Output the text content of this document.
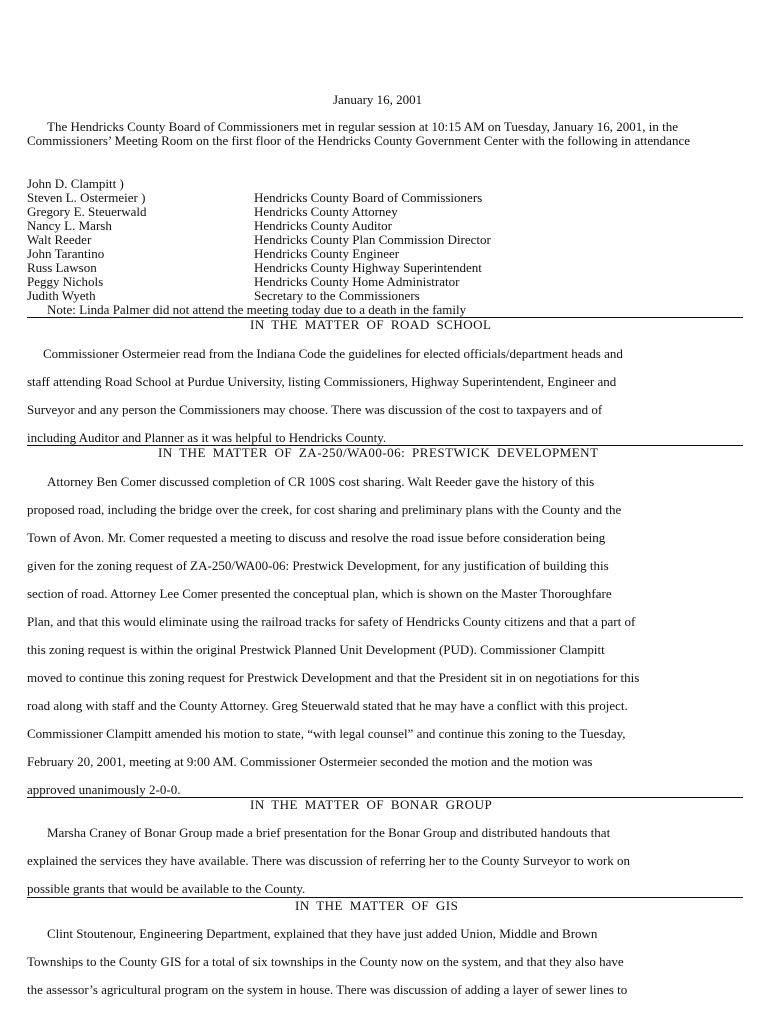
January 16, 2001
The Hendricks County Board of Commissioners met in regular session at 10:15 AM on Tuesday, January 16, 2001, in the Commissioners’ Meeting Room on the first floor of the Hendricks County Government Center with the following in attendance
John D. Clampitt )
Steven L. Ostermeier )	Hendricks County Board of Commissioners
Gregory E. Steuerwald	Hendricks County Attorney
Nancy L. Marsh	Hendricks County Auditor
Walt Reeder	Hendricks County Plan Commission Director
John Tarantino	Hendricks County Engineer
Russ Lawson	Hendricks County Highway Superintendent
Peggy Nichols	Hendricks County Home Administrator
Judith Wyeth	Secretary to the Commissioners
Note: Linda Palmer did not attend the meeting today due to a death in the family
IN THE MATTER OF ROAD SCHOOL
Commissioner Ostermeier read from the Indiana Code the guidelines for elected officials/department heads and
staff attending Road School at Purdue University, listing Commissioners, Highway Superintendent, Engineer and
Surveyor and any person the Commissioners may choose. There was discussion of the cost to taxpayers and of
including Auditor and Planner as it was helpful to Hendricks County.
IN THE MATTER OF ZA-250/WA00-06: PRESTWICK DEVELOPMENT
Attorney Ben Comer discussed completion of CR 100S cost sharing. Walt Reeder gave the history of this
proposed road, including the bridge over the creek, for cost sharing and preliminary plans with the County and the
Town of Avon. Mr. Comer requested a meeting to discuss and resolve the road issue before consideration being
given for the zoning request of ZA-250/WA00-06: Prestwick Development, for any justification of building this
section of road. Attorney Lee Comer presented the conceptual plan, which is shown on the Master Thoroughfare
Plan, and that this would eliminate using the railroad tracks for safety of Hendricks County citizens and that a part of
this zoning request is within the original Prestwick Planned Unit Development (PUD). Commissioner Clampitt
moved to continue this zoning request for Prestwick Development and that the President sit in on negotiations for this
road along with staff and the County Attorney. Greg Steuerwald stated that he may have a conflict with this project.
Commissioner Clampitt amended his motion to state, “with legal counsel” and continue this zoning to the Tuesday,
February 20, 2001, meeting at 9:00 AM. Commissioner Ostermeier seconded the motion and the motion was
approved unanimously 2-0-0.
IN THE MATTER OF BONAR GROUP
Marsha Craney of Bonar Group made a brief presentation for the Bonar Group and distributed handouts that
explained the services they have available. There was discussion of referring her to the County Surveyor to work on
possible grants that would be available to the County.
IN THE MATTER OF GIS
Clint Stoutenour, Engineering Department, explained that they have just added Union, Middle and Brown
Townships to the County GIS for a total of six townships in the County now on the system, and that they also have
the assessor’s agricultural program on the system in house. There was discussion of adding a layer of sewer lines to
